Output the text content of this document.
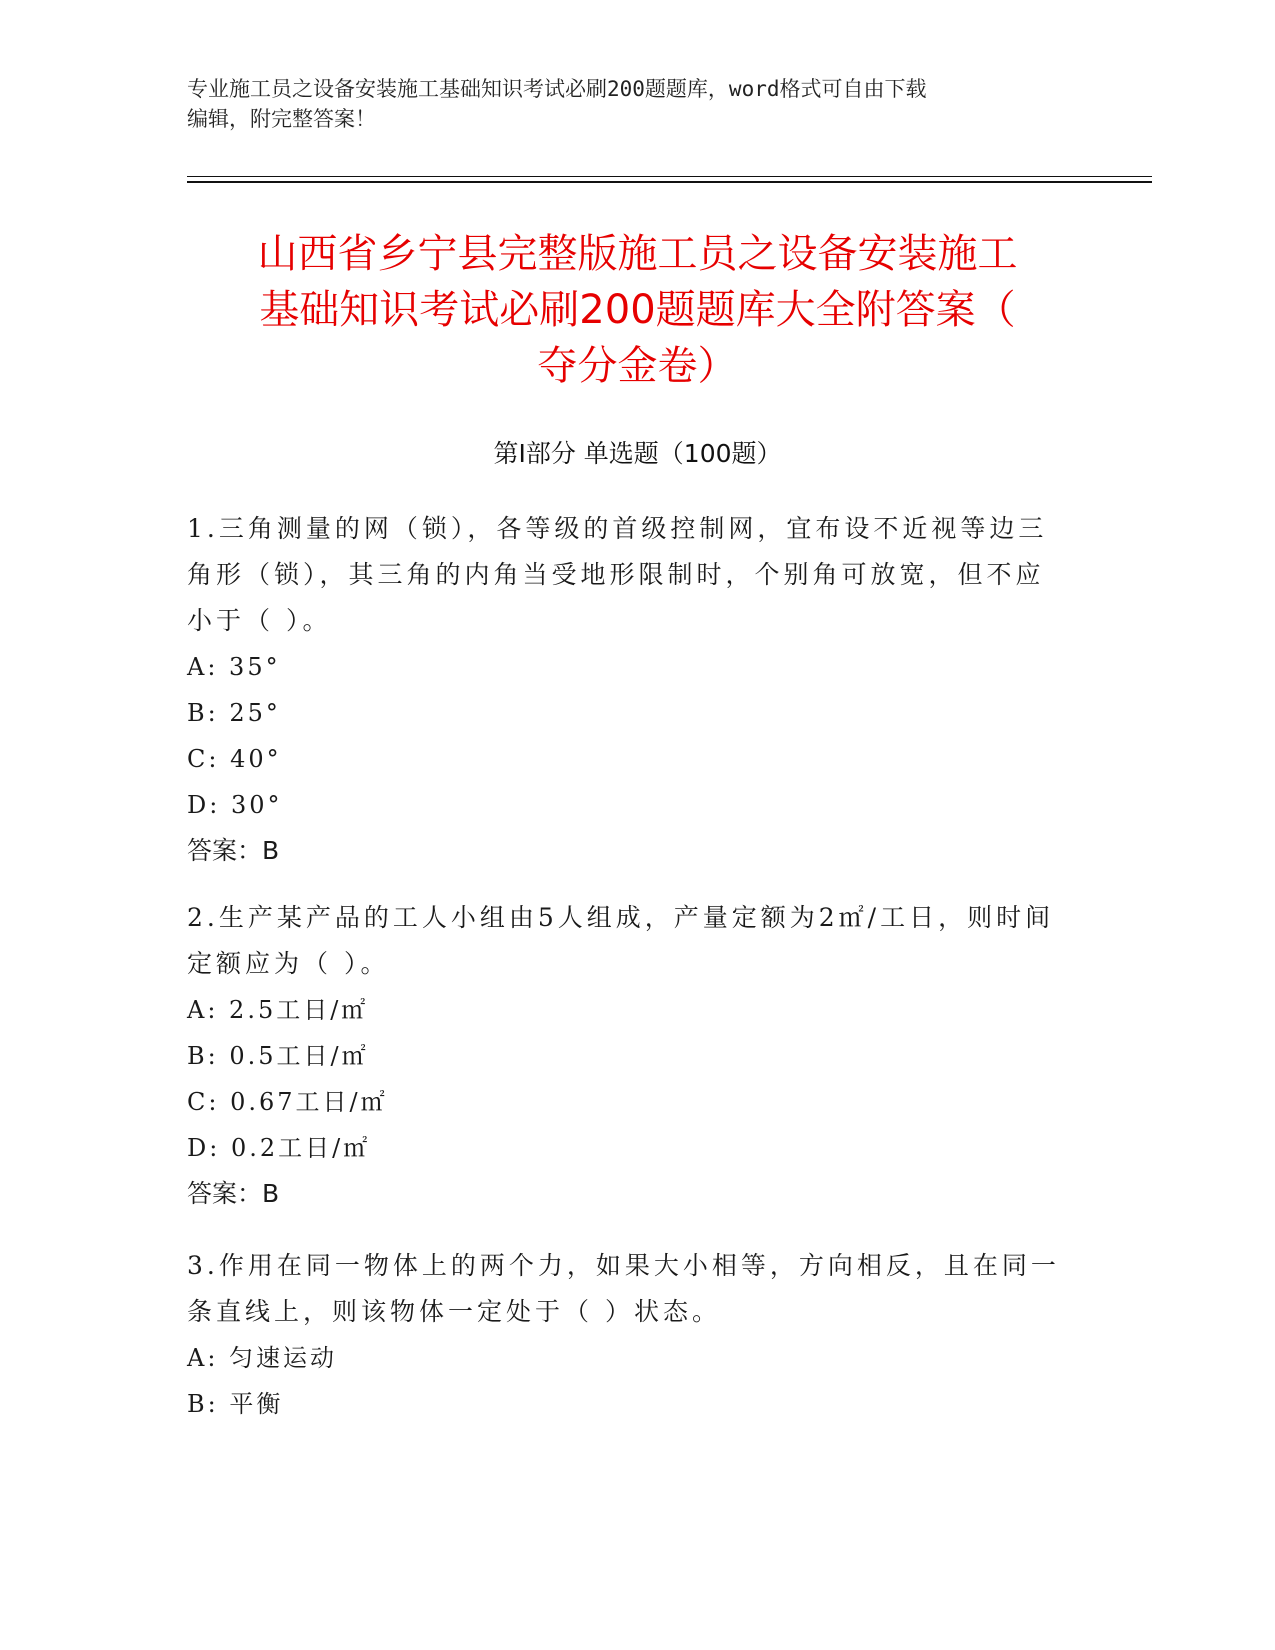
专业施工员之设备安装施工基础知识考试必刷200题题库，word格式可自由下载
编辑，附完整答案！
山西省乡宁县完整版施工员之设备安装施工
基础知识考试必刷200题题库大全附答案（
夺分金卷）
第Ⅰ部分 单选题（100题）
1.三角测量的网（锁），各等级的首级控制网，宜布设不近视等边三
角形（锁），其三角的内角当受地形限制时，个别角可放宽，但不应
小于（ ）。
A: 35°
B: 25°
C: 40°
D: 30°
答案：B
2.生产某产品的工人小组由5人组成，产量定额为2㎡/工日，则时间
定额应为（ ）。
A: 2.5工日/㎡
B: 0.5工日/㎡
C: 0.67工日/㎡
D: 0.2工日/㎡
答案：B
3.作用在同一物体上的两个力，如果大小相等，方向相反，且在同一
条直线上，则该物体一定处于（ ）状态。
A: 匀速运动
B: 平衡
